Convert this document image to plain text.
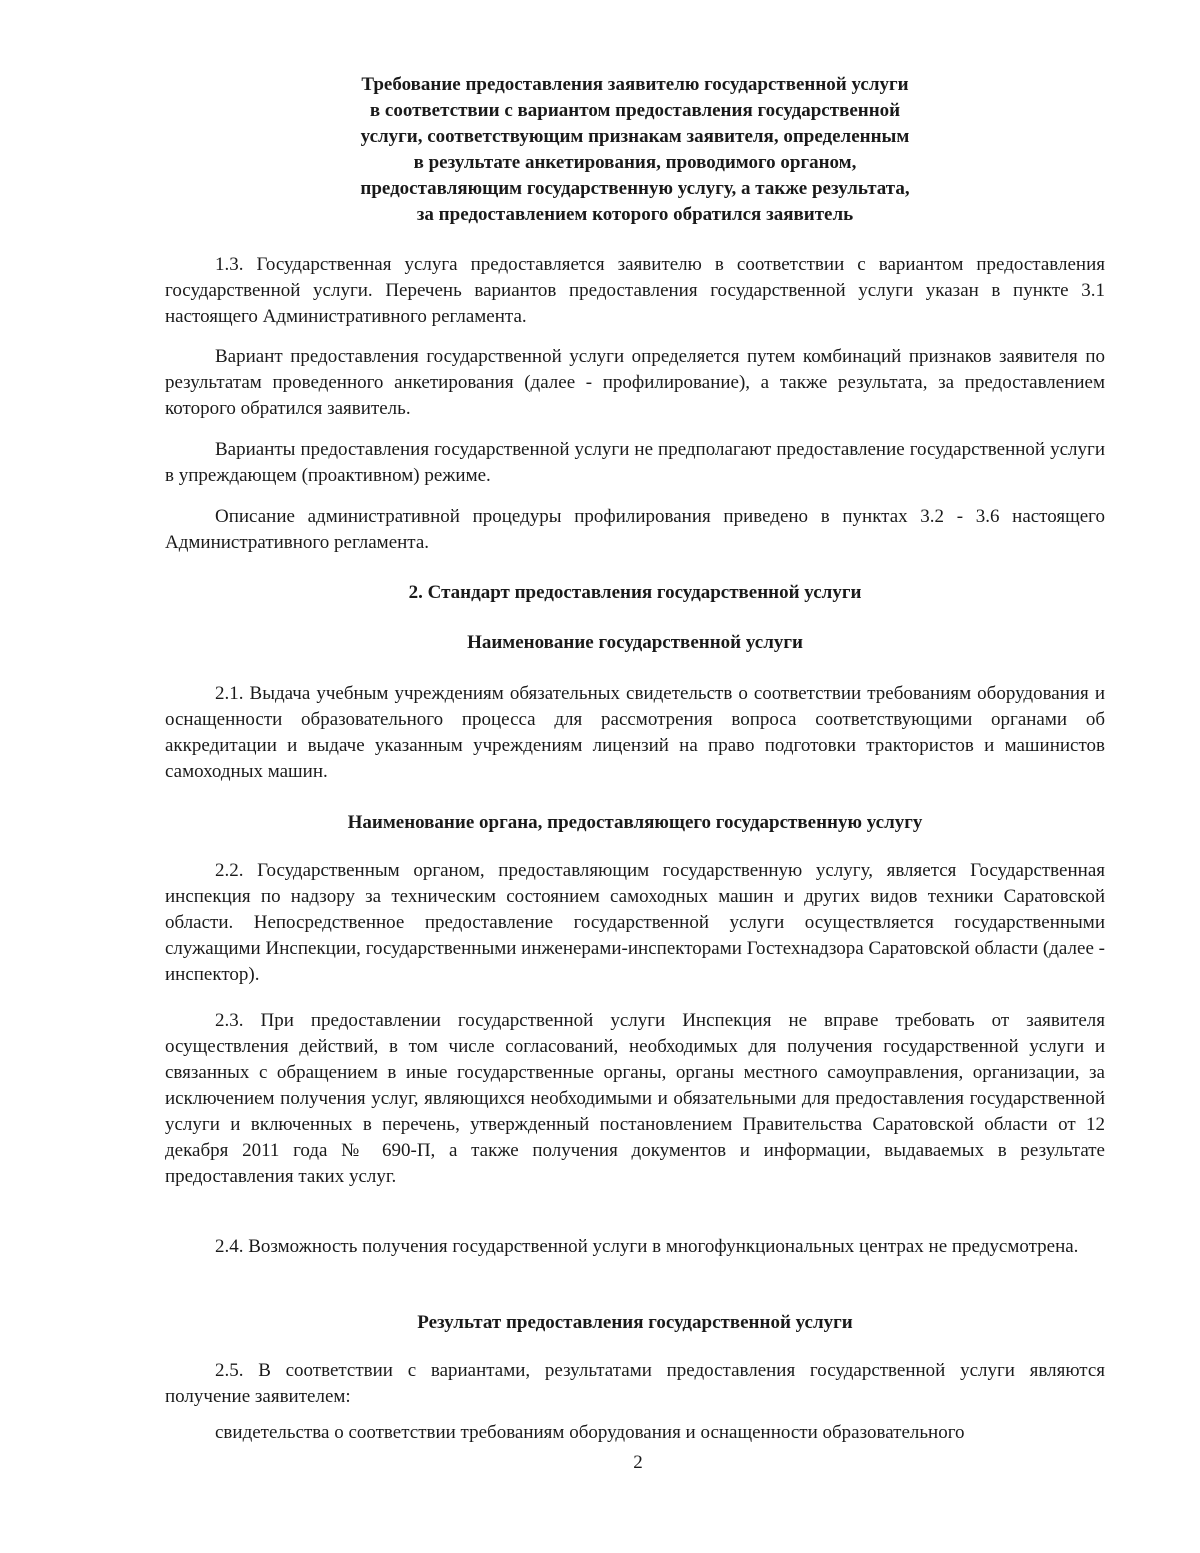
Требование предоставления заявителю государственной услуги
в соответствии с вариантом предоставления государственной
услуги, соответствующим признакам заявителя, определенным
в результате анкетирования, проводимого органом,
предоставляющим государственную услугу, а также результата,
за предоставлением которого обратился заявитель

1.3. Государственная услуга предоставляется заявителю в соответствии с вариантом предоставления государственной услуги. Перечень вариантов предоставления государственной услуги указан в пункте 3.1 настоящего Административного регламента.

Вариант предоставления государственной услуги определяется путем комбинаций признаков заявителя по результатам проведенного анкетирования (далее - профилирование), а также результата, за предоставлением которого обратился заявитель.

Варианты предоставления государственной услуги не предполагают предоставление государственной услуги в упреждающем (проактивном) режиме.

Описание административной процедуры профилирования приведено в пунктах 3.2 - 3.6 настоящего Административного регламента.

2. Стандарт предоставления государственной услуги
Наименование государственной услуги

2.1. Выдача учебным учреждениям обязательных свидетельств о соответствии требованиям оборудования и оснащенности образовательного процесса для рассмотрения вопроса соответствующими органами об аккредитации и выдаче указанным учреждениям лицензий на право подготовки трактористов и машинистов самоходных машин.

Наименование органа, предоставляющего государственную услугу

2.2. Государственным органом, предоставляющим государственную услугу, является Государственная инспекция по надзору за техническим состоянием самоходных машин и других видов техники Саратовской области. Непосредственное предоставление государственной услуги осуществляется государственными служащими Инспекции, государственными инженерами-инспекторами Гостехнадзора Саратовской области (далее - инспектор).

2.3. При предоставлении государственной услуги Инспекция не вправе требовать от заявителя осуществления действий, в том числе согласований, необходимых для получения государственной услуги и связанных с обращением в иные государственные органы, органы местного самоуправления, организации, за исключением получения услуг, являющихся необходимыми и обязательными для предоставления государственной услуги и включенных в перечень, утвержденный постановлением Правительства Саратовской области от 12 декабря 2011 года № 690-П, а также получения документов и информации, выдаваемых в результате предоставления таких услуг.

2.4. Возможность получения государственной услуги в многофункциональных центрах не предусмотрена.

Результат предоставления государственной услуги

2.5. В соответствии с вариантами, результатами предоставления государственной услуги являются получение заявителем:

свидетельства о соответствии требованиям оборудования и оснащенности образовательного

2
